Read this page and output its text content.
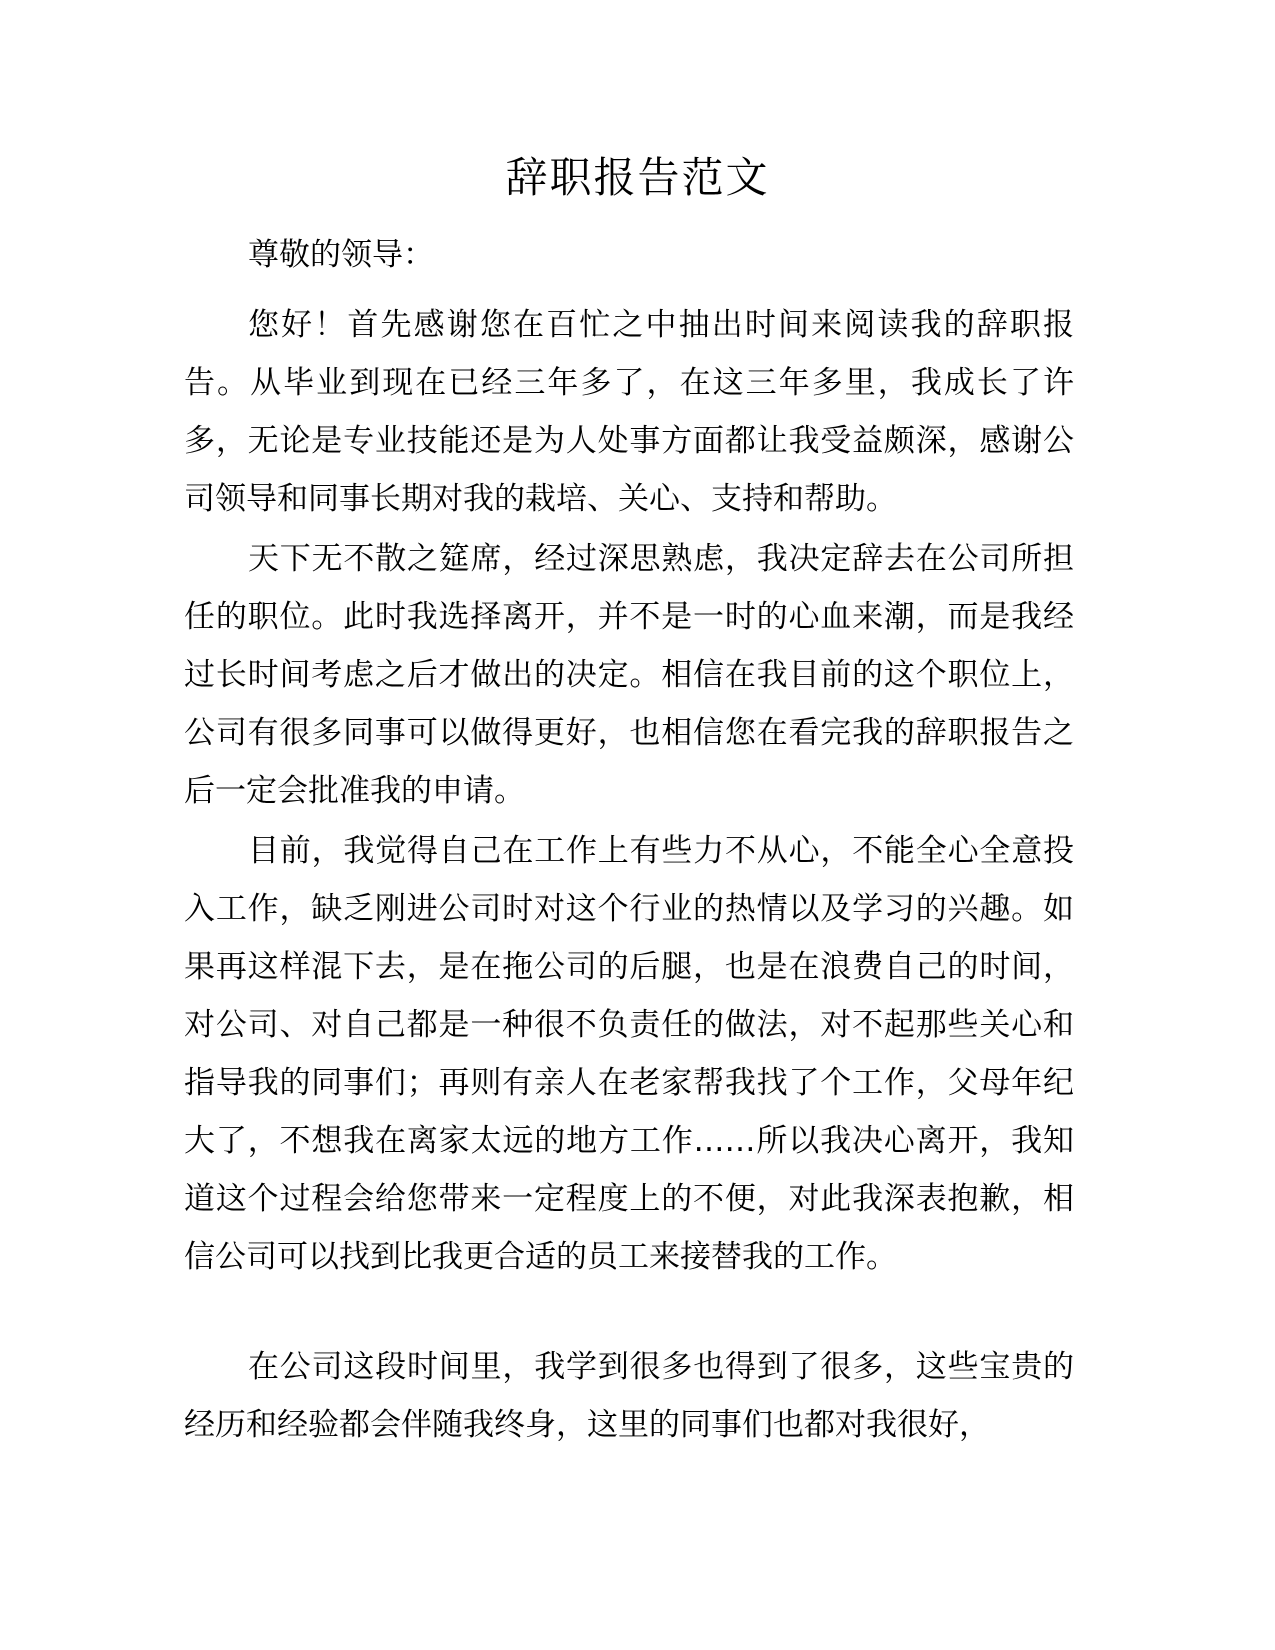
辞职报告范文

尊敬的领导：

您好！首先感谢您在百忙之中抽出时间来阅读我的辞职报告。从毕业到现在已经三年多了，在这三年多里，我成长了许多，无论是专业技能还是为人处事方面都让我受益颇深，感谢公司领导和同事长期对我的栽培、关心、支持和帮助。

天下无不散之筵席，经过深思熟虑，我决定辞去在公司所担任的职位。此时我选择离开，并不是一时的心血来潮，而是我经过长时间考虑之后才做出的决定。相信在我目前的这个职位上，公司有很多同事可以做得更好，也相信您在看完我的辞职报告之后一定会批准我的申请。

目前，我觉得自己在工作上有些力不从心，不能全心全意投入工作，缺乏刚进公司时对这个行业的热情以及学习的兴趣。如果再这样混下去，是在拖公司的后腿，也是在浪费自己的时间，对公司、对自己都是一种很不负责任的做法，对不起那些关心和指导我的同事们；再则有亲人在老家帮我找了个工作，父母年纪大了，不想我在离家太远的地方工作……所以我决心离开，我知道这个过程会给您带来一定程度上的不便，对此我深表抱歉，相信公司可以找到比我更合适的员工来接替我的工作。

在公司这段时间里，我学到很多也得到了很多，这些宝贵的经历和经验都会伴随我终身，这里的同事们也都对我很好，
